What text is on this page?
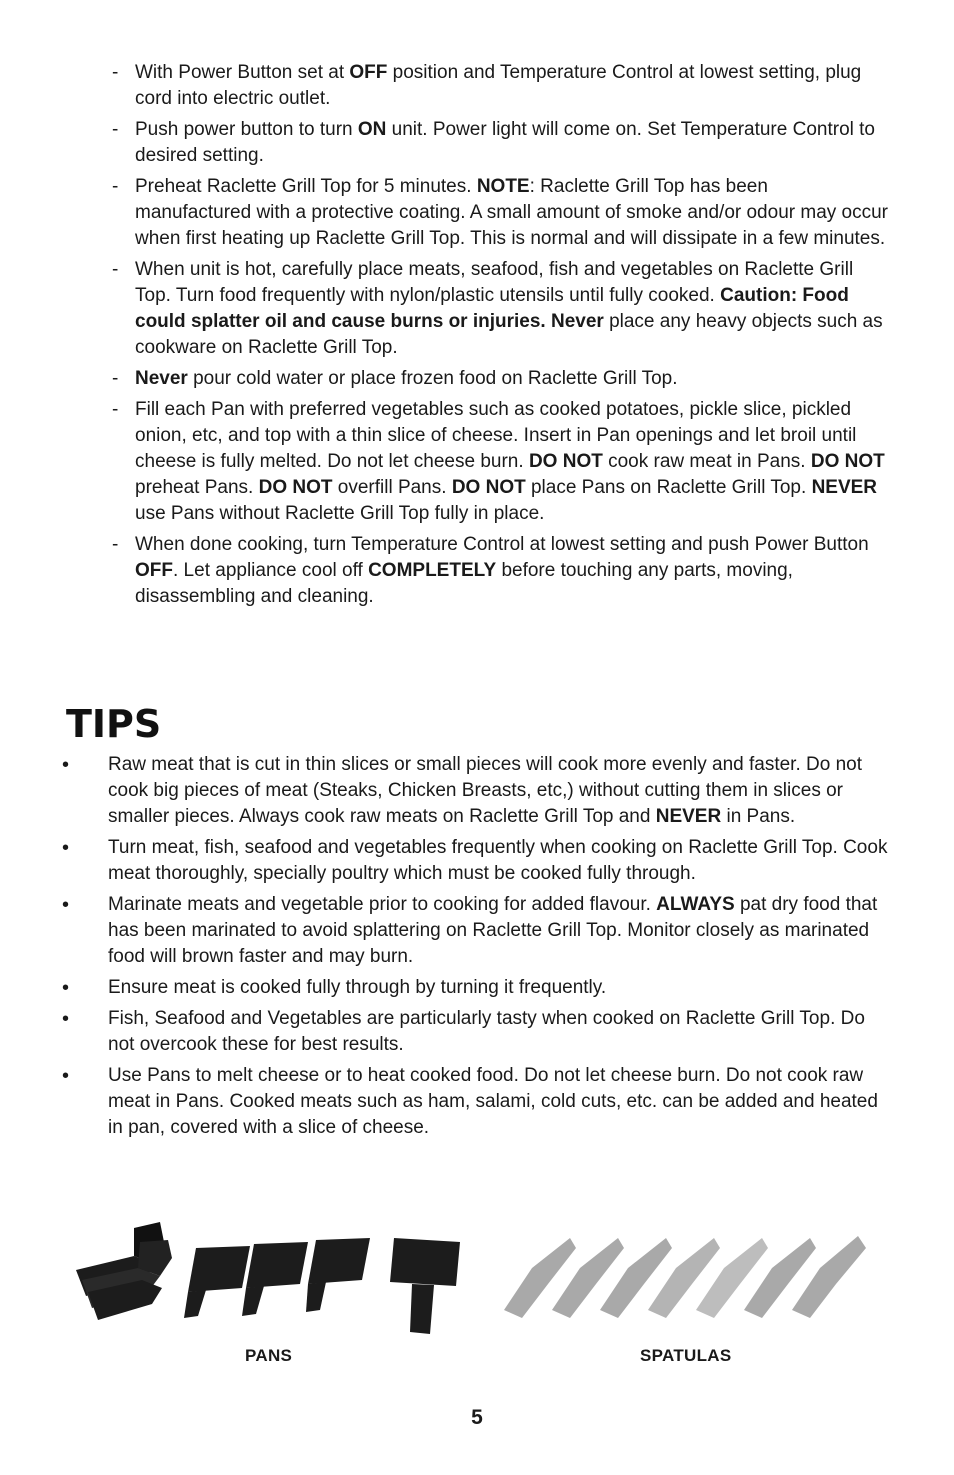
- With Power Button set at OFF position and Temperature Control at lowest setting, plug cord into electric outlet.
- Push power button to turn ON unit. Power light will come on. Set Temperature Control to desired setting.
- Preheat Raclette Grill Top for 5 minutes. NOTE: Raclette Grill Top has been manufactured with a protective coating. A small amount of smoke and/or odour may occur when first heating up Raclette Grill Top. This is normal and will dissipate in a few minutes.
- When unit is hot, carefully place meats, seafood, fish and vegetables on Raclette Grill Top. Turn food frequently with nylon/plastic utensils until fully cooked. Caution: Food could splatter oil and cause burns or injuries. Never place any heavy objects such as cookware on Raclette Grill Top.
- Never pour cold water or place frozen food on Raclette Grill Top.
- Fill each Pan with preferred vegetables such as cooked potatoes, pickle slice, pickled onion, etc, and top with a thin slice of cheese. Insert in Pan openings and let broil until cheese is fully melted. Do not let cheese burn. DO NOT cook raw meat in Pans. DO NOT preheat Pans. DO NOT overfill Pans. DO NOT place Pans on Raclette Grill Top. NEVER use Pans without Raclette Grill Top fully in place.
- When done cooking, turn Temperature Control at lowest setting and push Power Button OFF. Let appliance cool off COMPLETELY before touching any parts, moving, disassembling and cleaning.
TIPS
• Raw meat that is cut in thin slices or small pieces will cook more evenly and faster. Do not cook big pieces of meat (Steaks, Chicken Breasts, etc,) without cutting them in slices or smaller pieces. Always cook raw meats on Raclette Grill Top and NEVER in Pans.
• Turn meat, fish, seafood and vegetables frequently when cooking on Raclette Grill Top. Cook meat thoroughly, specially poultry which must be cooked fully through.
• Marinate meats and vegetable prior to cooking for added flavour. ALWAYS pat dry food that has been marinated to avoid splattering on Raclette Grill Top. Monitor closely as marinated food will brown faster and may burn.
• Ensure meat is cooked fully through by turning it frequently.
• Fish, Seafood and Vegetables are particularly tasty when cooked on Raclette Grill Top. Do not overcook these for best results.
• Use Pans to melt cheese or to heat cooked food. Do not let cheese burn. Do not cook raw meat in Pans. Cooked meats such as ham, salami, cold cuts, etc. can be added and heated in pan, covered with a slice of cheese.
PANS	SPATULAS
5
